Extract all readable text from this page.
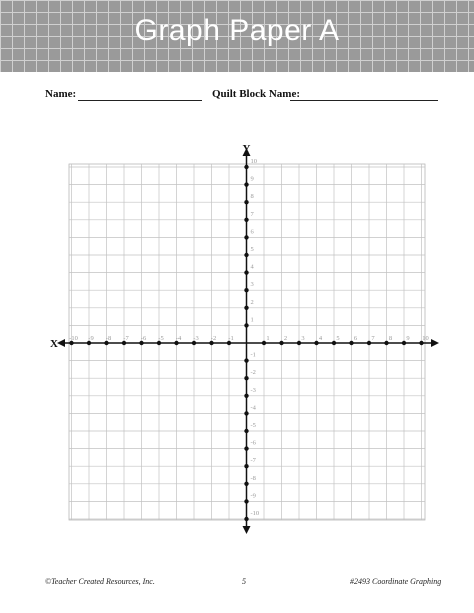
Graph Paper A
Name:	Quilt Block Name:
-10 -9 -8 -7 -6 -5 -4 -3 -2 -1	1 2 3 4 5 6 7 8 9 10
1
2
3
4
5
6
7
8
9
10
-1
-2
-3
-4
-5
-6
-7
-8
-9
-10
X
Y
©Teacher Created Resources, Inc.	5	#2493 Coordinate Graphing
